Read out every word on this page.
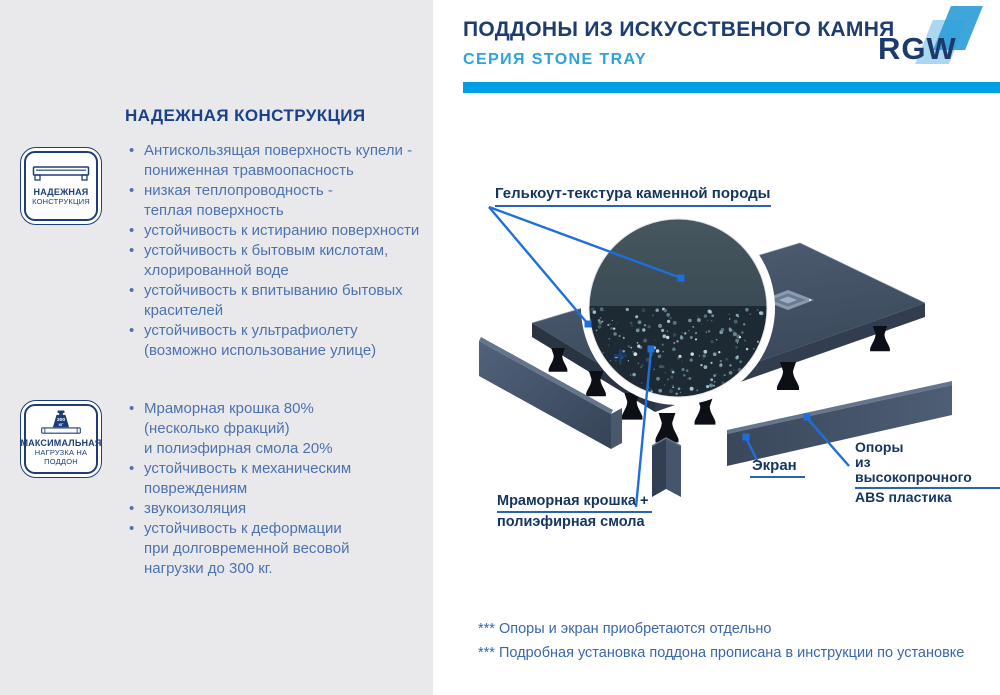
ПОДДОНЫ ИЗ ИСКУССТВЕНОГО КАМНЯ
СЕРИЯ STONE TRAY	RGW
НАДЕЖНАЯ
КОНСТРУКЦИЯ
300
КГ
МАКСИМАЛЬНАЯ
НАГРУЗКА НА ПОДДОН
НАДЕЖНАЯ КОНСТРУКЦИЯ
• Антискользящая поверхность купели -
пониженная травмоопасность
• низкая теплопроводность -
теплая поверхность
• устойчивость к истиранию поверхности
• устойчивость к бытовым кислотам,
хлорированной воде
• устойчивость к впитыванию бытовых
красителей
• устойчивость к ультрафиолету
(возможно использование улице)
• Мраморная крошка 80%
(несколько фракций)
и полиэфирная смола 20%
• устойчивость к механическим
повреждениям
• звукоизоляция
• устойчивость к деформации
при долговременной весовой
нагрузки до 300 кг.
Гелькоут-текстура каменной породы
Экран
Опоры
из высокопрочного
ABS пластика
Мраморная крошка +
полиэфирная смола
+
*** Опоры и экран приобретаются отдельно
*** Подробная установка поддона прописана в инструкции по установке
